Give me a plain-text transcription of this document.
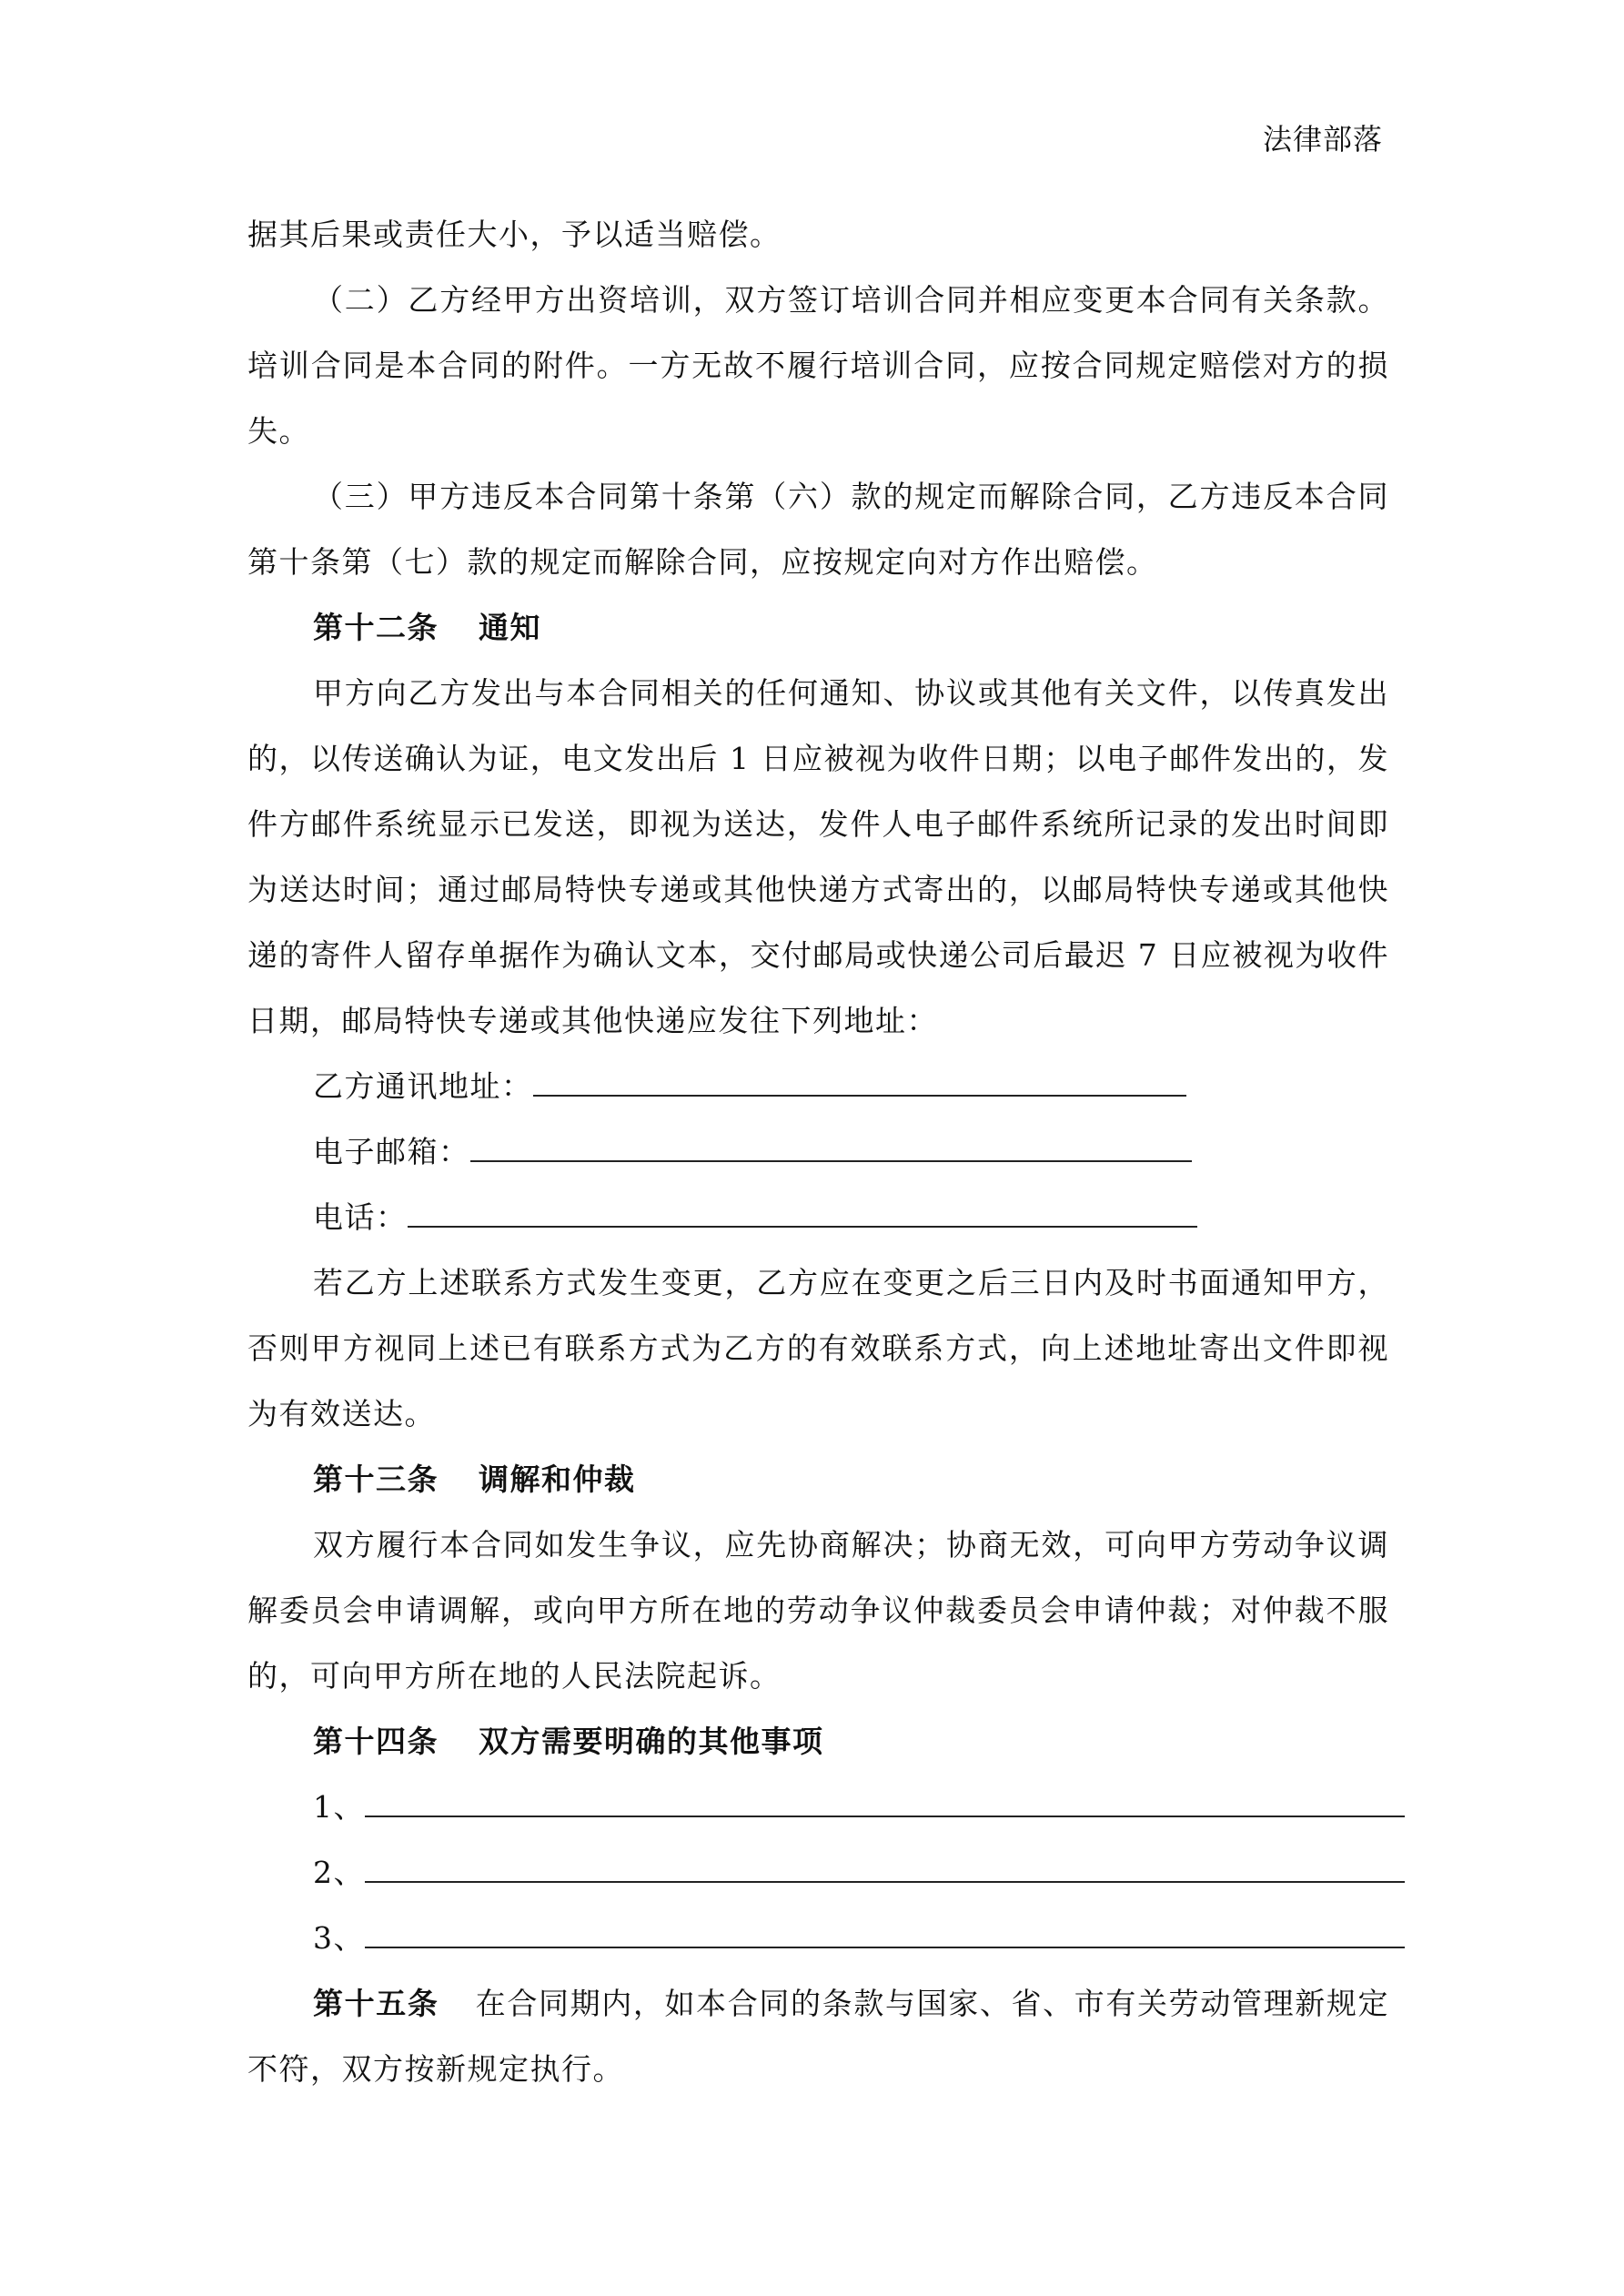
法律部落

据其后果或责任大小，予以适当赔偿。

（二）乙方经甲方出资培训，双方签订培训合同并相应变更本合同有关条款。培训合同是本合同的附件。一方无故不履行培训合同，应按合同规定赔偿对方的损失。

（三）甲方违反本合同第十条第（六）款的规定而解除合同，乙方违反本合同第十条第（七）款的规定而解除合同，应按规定向对方作出赔偿。

第十二条 通知

甲方向乙方发出与本合同相关的任何通知、协议或其他有关文件，以传真发出的，以传送确认为证，电文发出后 1 日应被视为收件日期；以电子邮件发出的，发件方邮件系统显示已发送，即视为送达，发件人电子邮件系统所记录的发出时间即为送达时间；通过邮局特快专递或其他快递方式寄出的，以邮局特快专递或其他快递的寄件人留存单据作为确认文本，交付邮局或快递公司后最迟 7 日应被视为收件日期，邮局特快专递或其他快递应发往下列地址：

乙方通讯地址：

电子邮箱：

电话：

若乙方上述联系方式发生变更，乙方应在变更之后三日内及时书面通知甲方，否则甲方视同上述已有联系方式为乙方的有效联系方式，向上述地址寄出文件即视为有效送达。

第十三条 调解和仲裁

双方履行本合同如发生争议，应先协商解决；协商无效，可向甲方劳动争议调解委员会申请调解，或向甲方所在地的劳动争议仲裁委员会申请仲裁；对仲裁不服的，可向甲方所在地的人民法院起诉。

第十四条 双方需要明确的其他事项

1、

2、

3、

第十五条 在合同期内，如本合同的条款与国家、省、市有关劳动管理新规定不符，双方按新规定执行。
